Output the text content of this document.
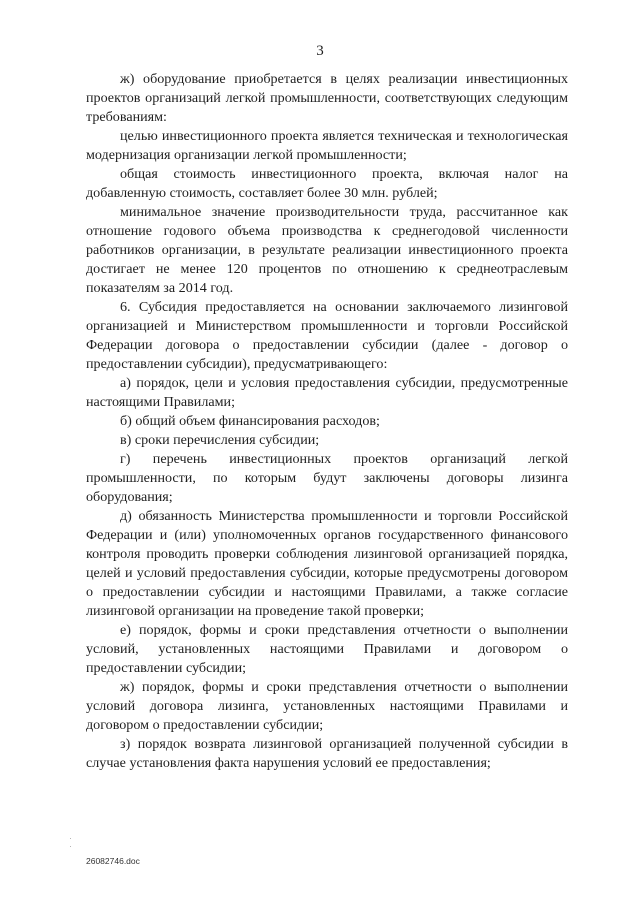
3

ж) оборудование приобретается в целях реализации инвестиционных проектов организаций легкой промышленности, соответствующих следующим требованиям:

целью инвестиционного проекта является техническая и технологическая модернизация организации легкой промышленности;

общая стоимость инвестиционного проекта, включая налог на добавленную стоимость, составляет более 30 млн. рублей;

минимальное значение производительности труда, рассчитанное как отношение годового объема производства к среднегодовой численности работников организации, в результате реализации инвестиционного проекта достигает не менее 120 процентов по отношению к среднеотраслевым показателям за 2014 год.

6. Субсидия предоставляется на основании заключаемого лизинговой организацией и Министерством промышленности и торговли Российской Федерации договора о предоставлении субсидии (далее - договор о предоставлении субсидии), предусматривающего:

а) порядок, цели и условия предоставления субсидии, предусмотренные настоящими Правилами;

б) общий объем финансирования расходов;

в) сроки перечисления субсидии;

г) перечень инвестиционных проектов организаций легкой промышленности, по которым будут заключены договоры лизинга оборудования;

д) обязанность Министерства промышленности и торговли Российской Федерации и (или) уполномоченных органов государственного финансового контроля проводить проверки соблюдения лизинговой организацией порядка, целей и условий предоставления субсидии, которые предусмотрены договором о предоставлении субсидии и настоящими Правилами, а также согласие лизинговой организации на проведение такой проверки;

е) порядок, формы и сроки представления отчетности о выполнении условий, установленных настоящими Правилами и договором о предоставлении субсидии;

ж) порядок, формы и сроки представления отчетности о выполнении условий договора лизинга, установленных настоящими Правилами и договором о предоставлении субсидии;

з) порядок возврата лизинговой организацией полученной субсидии в случае установления факта нарушения условий ее предоставления;

26082746.doc
